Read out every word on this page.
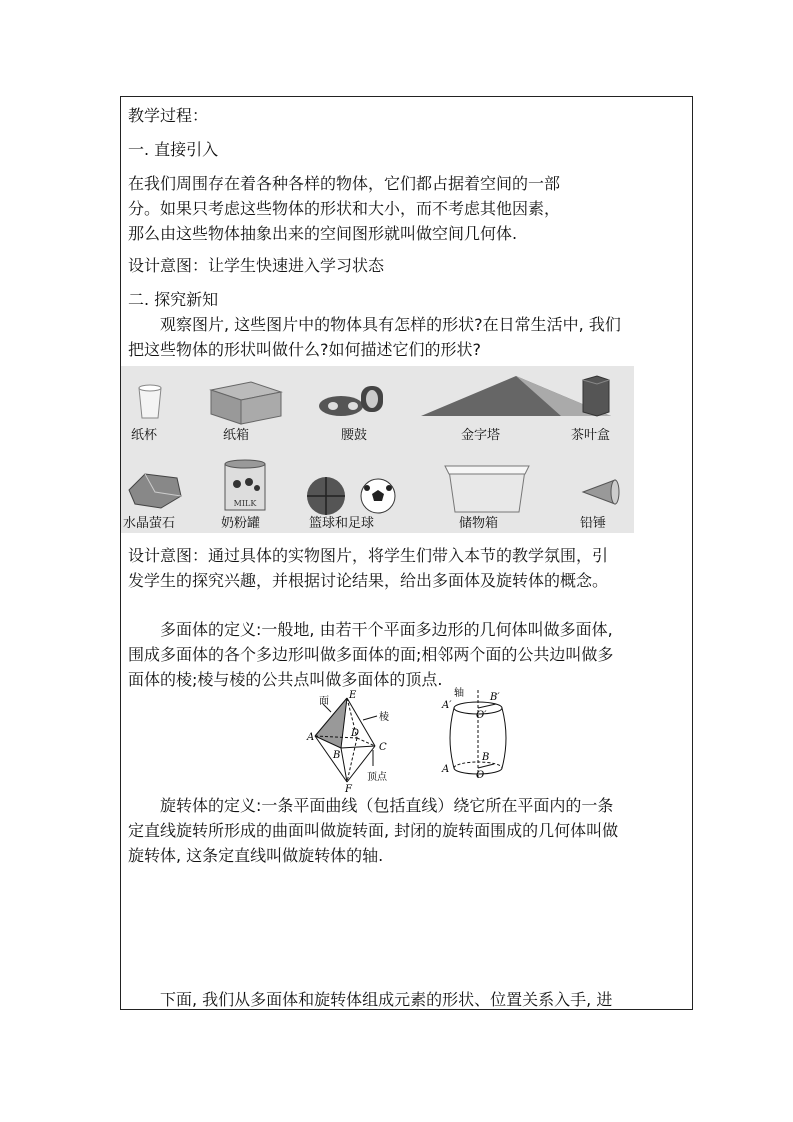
教学过程：
一. 直接引入
在我们周围存在着各种各样的物体，它们都占据着空间的一部
分。如果只考虑这些物体的形状和大小，而不考虑其他因素，
那么由这些物体抽象出来的空间图形就叫做空间几何体.
设计意图：让学生快速进入学习状态
二. 探究新知
观察图片, 这些图片中的物体具有怎样的形状?在日常生活中, 我们
把这些物体的形状叫做什么?如何描述它们的形状?
MILK
纸杯	纸箱	腰鼓	金字塔	茶叶盒
水晶萤石	奶粉罐	篮球和足球	储物箱	铅锤
设计意图：通过具体的实物图片，将学生们带入本节的教学氛围，引
发学生的探究兴趣，并根据讨论结果，给出多面体及旋转体的概念。
多面体的定义:一般地, 由若干个平面多边形的几何体叫做多面体,
围成多面体的各个多边形叫做多面体的面;相邻两个面的公共边叫做多
面体的棱;棱与棱的公共点叫做多面体的顶点.
面
棱
顶点
E
A
B
C
D
F
轴
A′
B′
O′
A
B
O
旋转体的定义:一条平面曲线（包括直线）绕它所在平面内的一条
定直线旋转所形成的曲面叫做旋转面, 封闭的旋转面围成的几何体叫做
旋转体, 这条定直线叫做旋转体的轴.
下面, 我们从多面体和旋转体组成元素的形状、位置关系入手, 进
